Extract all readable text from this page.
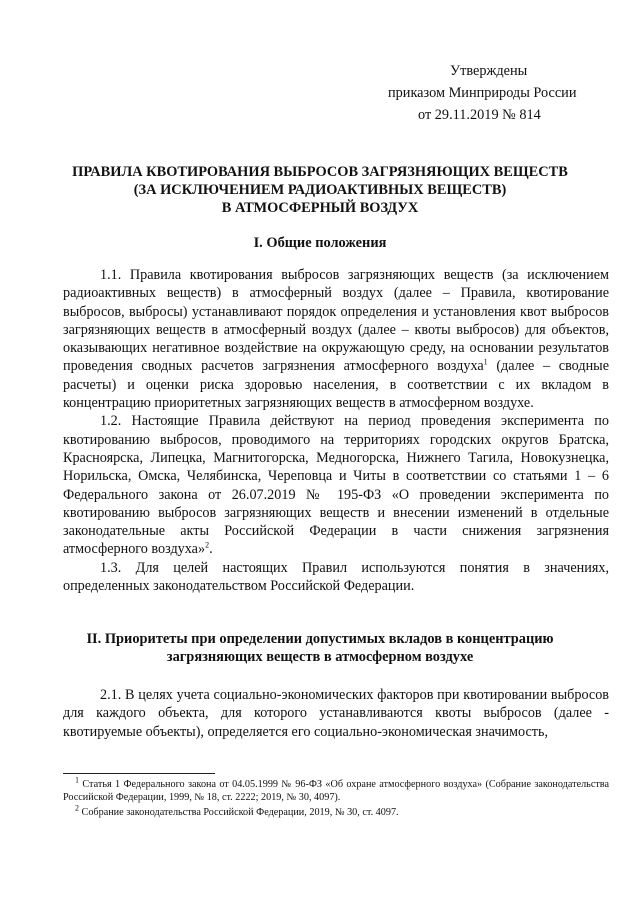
Утверждены
приказом Минприроды России
от 29.11.2019 № 814
ПРАВИЛА КВОТИРОВАНИЯ ВЫБРОСОВ ЗАГРЯЗНЯЮЩИХ ВЕЩЕСТВ
(ЗА ИСКЛЮЧЕНИЕМ РАДИОАКТИВНЫХ ВЕЩЕСТВ)
В АТМОСФЕРНЫЙ ВОЗДУХ
I. Общие положения

1.1. Правила квотирования выбросов загрязняющих веществ (за исключением радиоактивных веществ) в атмосферный воздух (далее – Правила, квотирование выбросов, выбросы) устанавливают порядок определения и установления квот выбросов загрязняющих веществ в атмосферный воздух (далее – квоты выбросов) для объектов, оказывающих негативное воздействие на окружающую среду, на основании результатов проведения сводных расчетов загрязнения атмосферного воздуха$^1$ (далее – сводные расчеты) и оценки риска здоровью населения, в соответствии с их вкладом в концентрацию приоритетных загрязняющих веществ в атмосферном воздухе.

1.2. Настоящие Правила действуют на период проведения эксперимента по квотированию выбросов, проводимого на территориях городских округов Братска, Красноярска, Липецка, Магнитогорска, Медногорска, Нижнего Тагила, Новокузнецка, Норильска, Омска, Челябинска, Череповца и Читы в соответствии со статьями 1 – 6 Федерального закона от 26.07.2019 № 195-ФЗ «О проведении эксперимента по квотированию выбросов загрязняющих веществ и внесении изменений в отдельные законодательные акты Российской Федерации в части снижения загрязнения атмосферного воздуха»$^2$.

1.3. Для целей настоящих Правил используются понятия в значениях, определенных законодательством Российской Федерации.

II. Приоритеты при определении допустимых вкладов в концентрацию
загрязняющих веществ в атмосферном воздухе

2.1. В целях учета социально-экономических факторов при квотировании выбросов для каждого объекта, для которого устанавливаются квоты выбросов (далее - квотируемые объекты), определяется его социально-экономическая значимость,

$^1$ Статья 1 Федерального закона от 04.05.1999 № 96-ФЗ «Об охране атмосферного воздуха» (Собрание законодательства Российской Федерации, 1999, № 18, ст. 2222; 2019, № 30, 4097).

$^2$ Собрание законодательства Российской Федерации, 2019, № 30, ст. 4097.
